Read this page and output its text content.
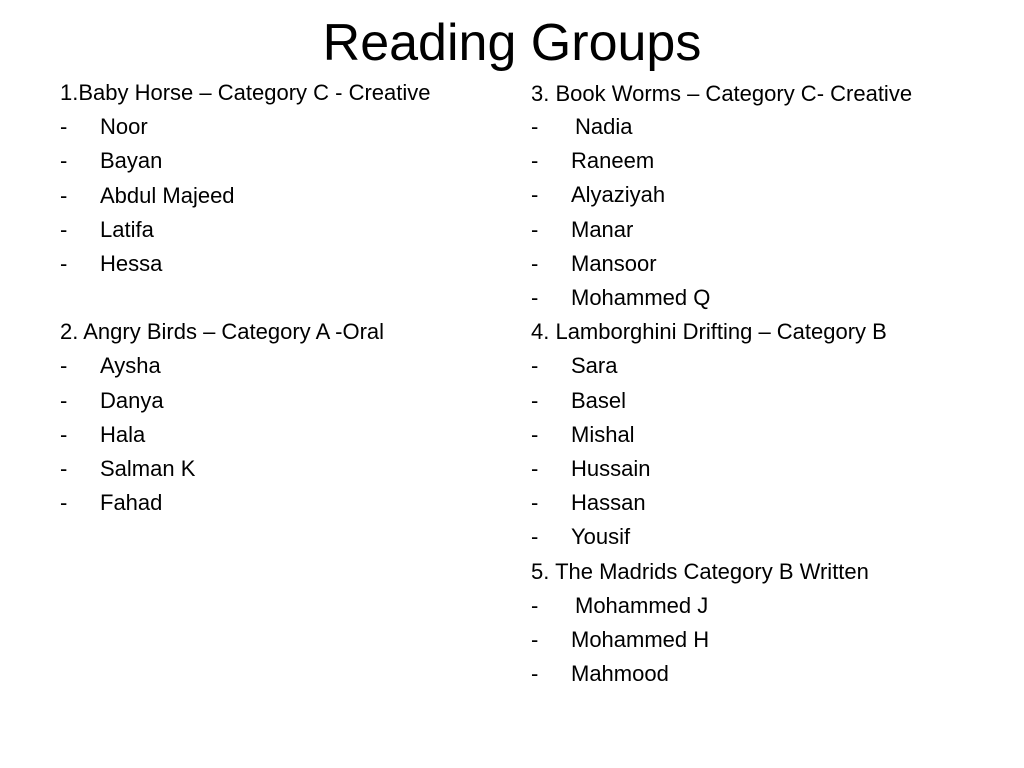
Reading Groups
1.Baby Horse – Category C - Creative
-	Noor
-	Bayan
-	Abdul Majeed
-	Latifa
-	Hessa
2. Angry Birds – Category A -Oral
-	Aysha
-	Danya
-	Hala
-	Salman K
-	Fahad
3. Book Worms – Category C- Creative
-	Nadia
-	Raneem
-	Alyaziyah
-	Manar
-	Mansoor
-	Mohammed Q
4. Lamborghini Drifting – Category B
-	Sara
-	Basel
-	Mishal
-	Hussain
-	Hassan
-	Yousif
5. The Madrids Category B Written
-	Mohammed J
-	Mohammed H
-	Mahmood
